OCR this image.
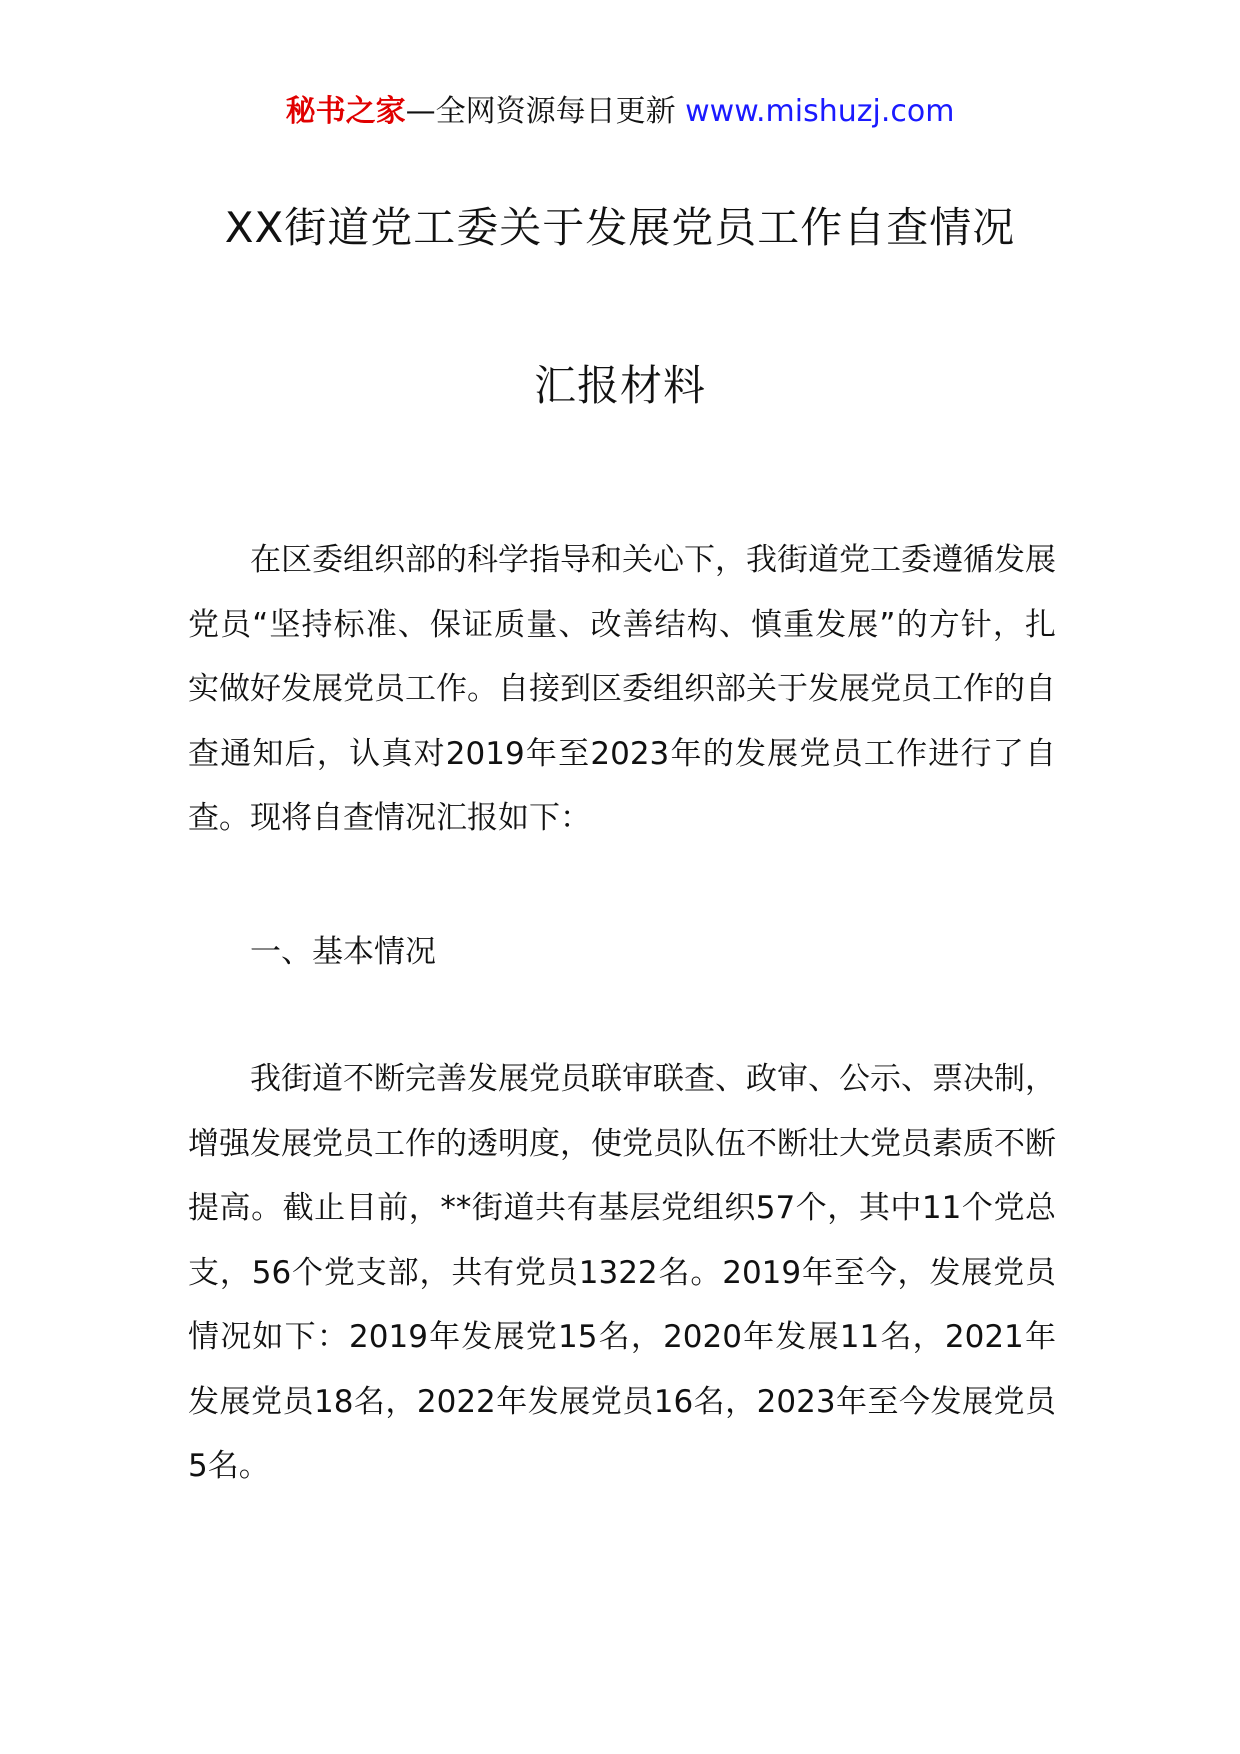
秘书之家—全网资源每日更新 www.mishuzj.com
XX街道党工委关于发展党员工作自查情况
汇报材料
在区委组织部的科学指导和关心下，我街道党工委遵循发展党员“坚持标准、保证质量、改善结构、慎重发展”的方针，扎实做好发展党员工作。自接到区委组织部关于发展党员工作的自查通知后，认真对2019年至2023年的发展党员工作进行了自查。现将自查情况汇报如下：
一、基本情况
我街道不断完善发展党员联审联查、政审、公示、票决制，增强发展党员工作的透明度，使党员队伍不断壮大党员素质不断提高。截止目前，**街道共有基层党组织57个，其中11个党总支，56个党支部，共有党员1322名。2019年至今，发展党员情况如下：2019年发展党15名，2020年发展11名，2021年发展党员18名，2022年发展党员16名，2023年至今发展党员5名。
